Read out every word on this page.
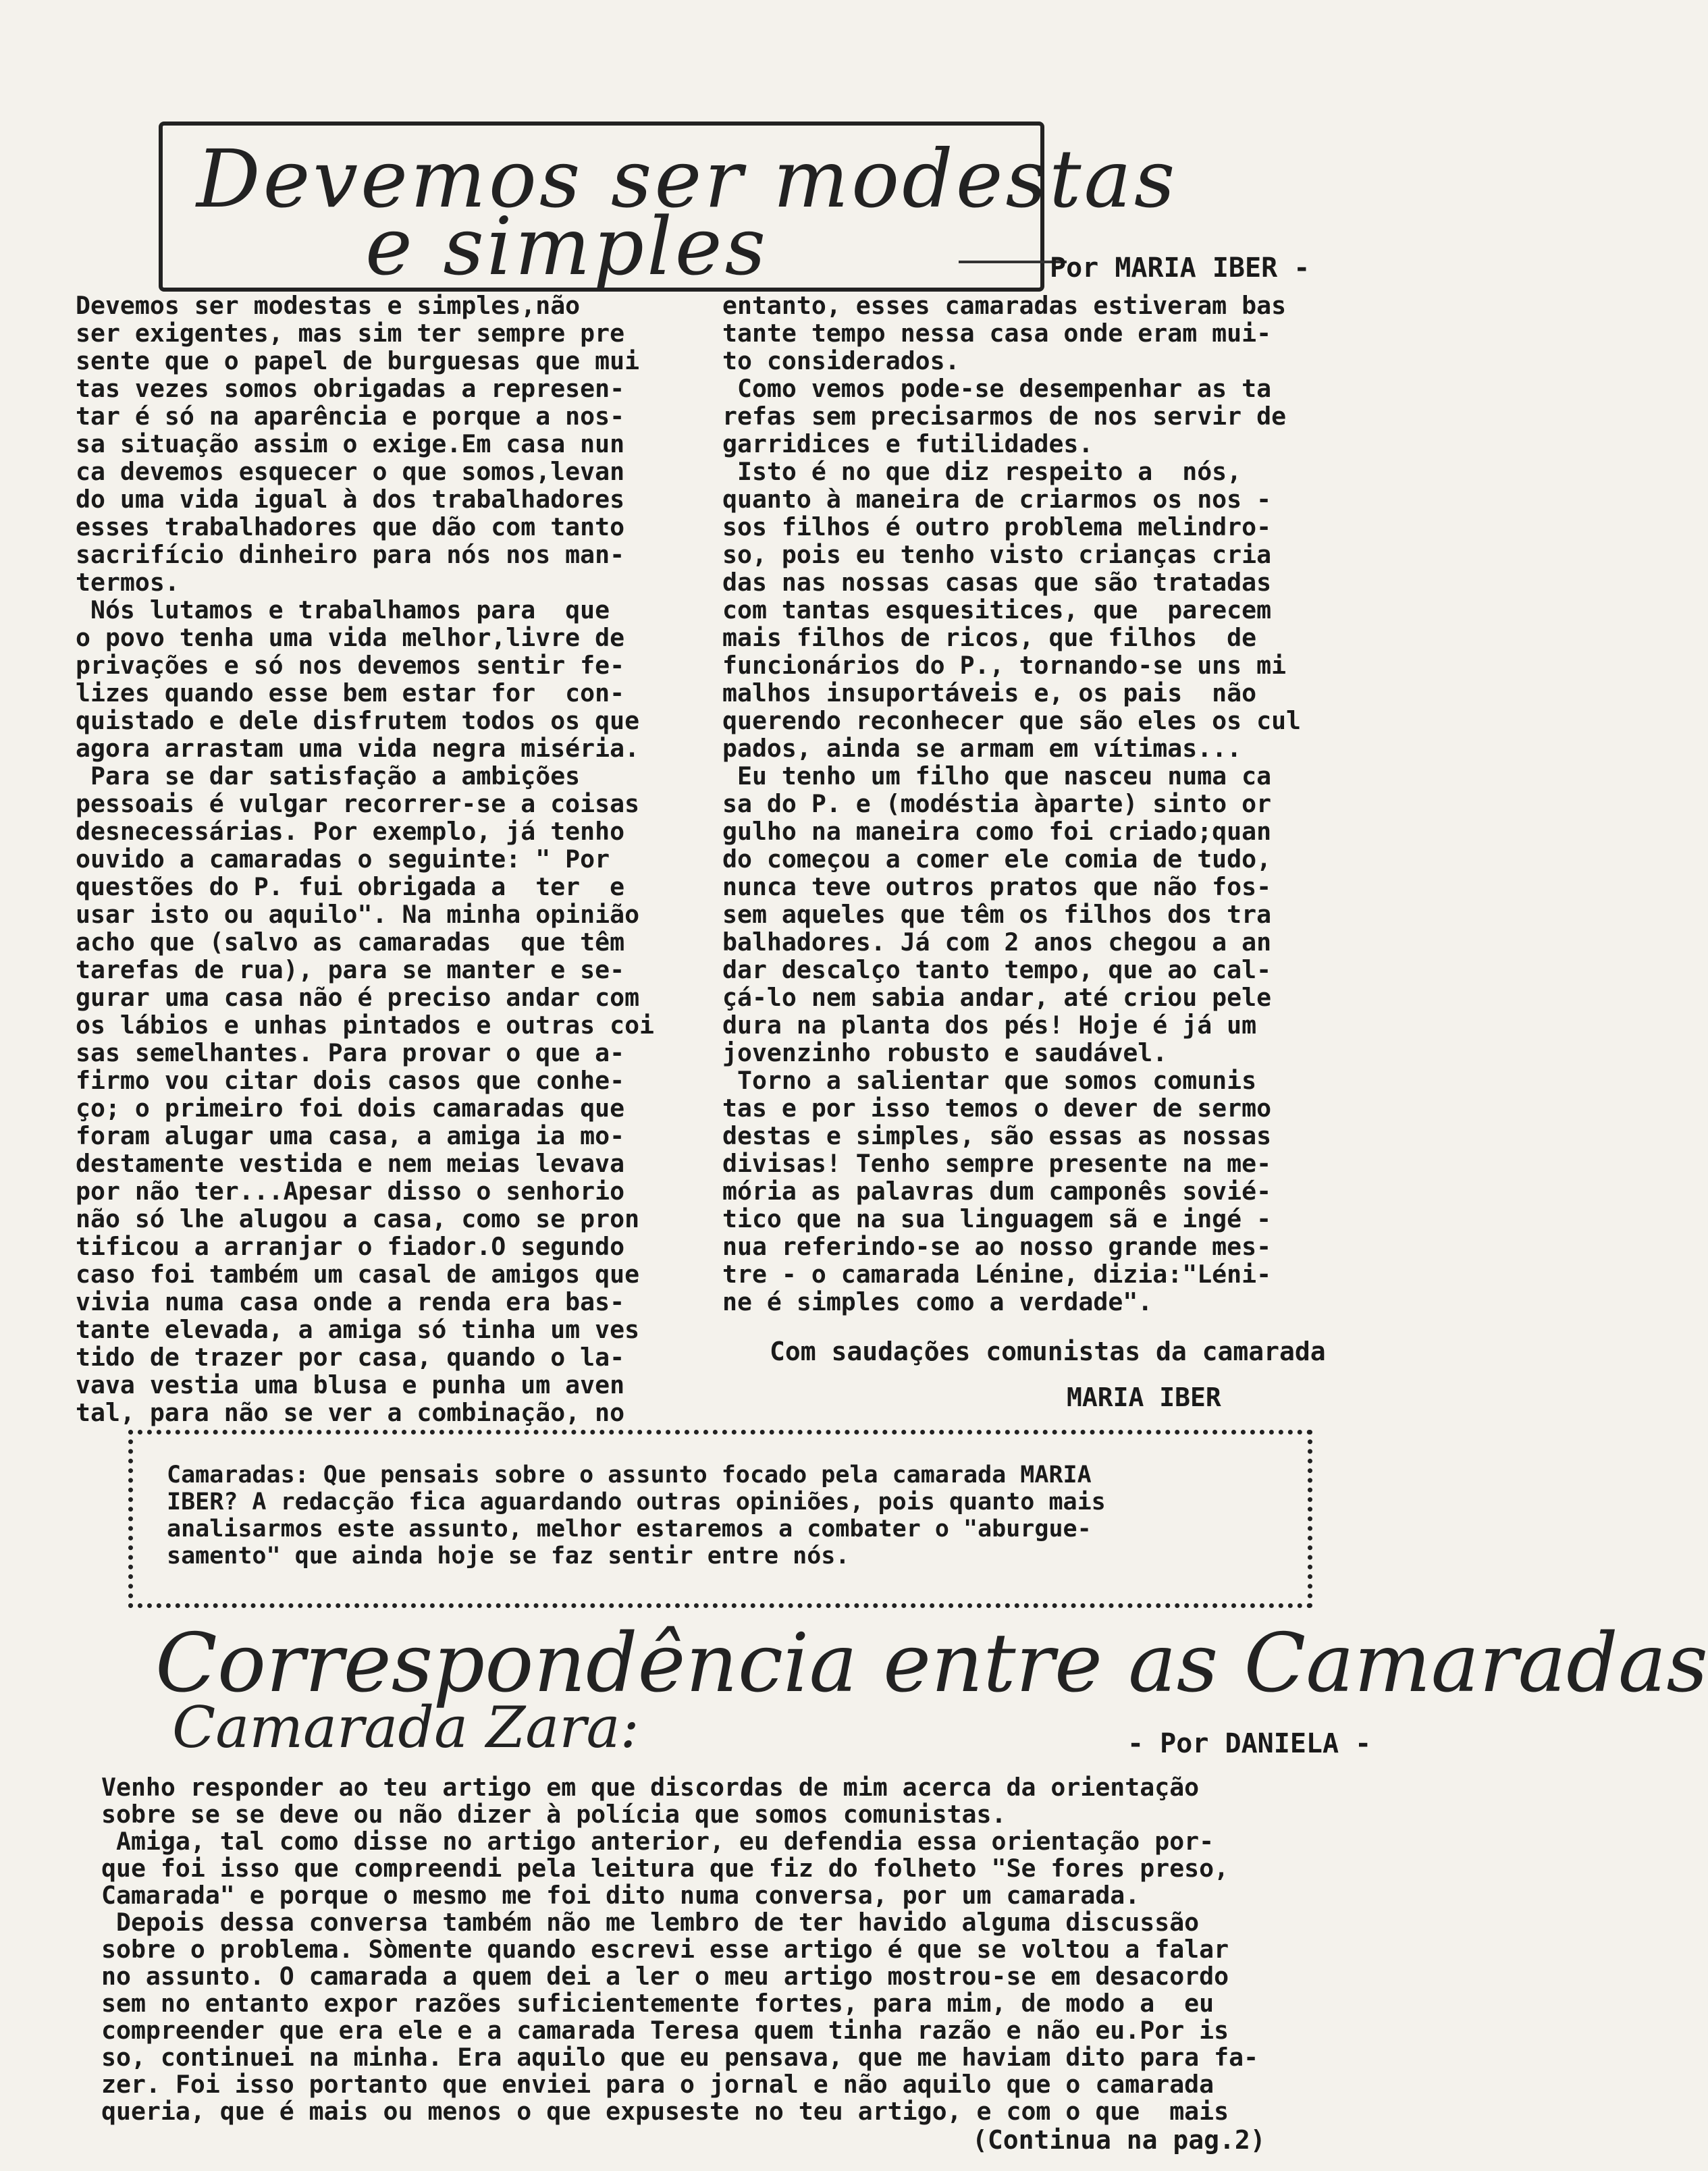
Devemos ser modestas
e simples	Por MARIA IBER -
Devemos ser modestas e simples,não
ser exigentes, mas sim ter sempre pre
sente que o papel de burguesas que mui
tas vezes somos obrigadas a represen-
tar é só na aparência e porque a nos-
sa situação assim o exige.Em casa nun
ca devemos esquecer o que somos,levan
do uma vida igual à dos trabalhadores
esses trabalhadores que dão com tanto
sacrifício dinheiro para nós nos man-
termos.
Nós lutamos e trabalhamos para  que
o povo tenha uma vida melhor,livre de
privações e só nos devemos sentir fe-
lizes quando esse bem estar for  con-
quistado e dele disfrutem todos os que
agora arrastam uma vida negra miséria.
Para se dar satisfação a ambições
pessoais é vulgar recorrer-se a coisas
desnecessárias. Por exemplo, já tenho
ouvido a camaradas o seguinte: " Por
questões do P. fui obrigada a  ter  e
usar isto ou aquilo". Na minha opinião
acho que (salvo as camaradas  que têm
tarefas de rua), para se manter e se-
gurar uma casa não é preciso andar com
os lábios e unhas pintados e outras coi
sas semelhantes. Para provar o que a-
firmo vou citar dois casos que conhe-
ço; o primeiro foi dois camaradas que
foram alugar uma casa, a amiga ia mo-
destamente vestida e nem meias levava
por não ter...Apesar disso o senhorio
não só lhe alugou a casa, como se pron
tificou a arranjar o fiador.O segundo
caso foi também um casal de amigos que
vivia numa casa onde a renda era bas-
tante elevada, a amiga só tinha um ves
tido de trazer por casa, quando o la-
vava vestia uma blusa e punha um aven
tal, para não se ver a combinação, no
entanto, esses camaradas estiveram bas
tante tempo nessa casa onde eram mui-
to considerados.
Como vemos pode-se desempenhar as ta
refas sem precisarmos de nos servir de
garridices e futilidades.
Isto é no que diz respeito a  nós,
quanto à maneira de criarmos os nos -
sos filhos é outro problema melindro-
so, pois eu tenho visto crianças cria
das nas nossas casas que são tratadas
com tantas esquesitices, que  parecem
mais filhos de ricos, que filhos  de
funcionários do P., tornando-se uns mi
malhos insuportáveis e, os pais  não
querendo reconhecer que são eles os cul
pados, ainda se armam em vítimas...
Eu tenho um filho que nasceu numa ca
sa do P. e (modéstia àparte) sinto or
gulho na maneira como foi criado;quan
do começou a comer ele comia de tudo,
nunca teve outros pratos que não fos-
sem aqueles que têm os filhos dos tra
balhadores. Já com 2 anos chegou a an
dar descalço tanto tempo, que ao cal-
çá-lo nem sabia andar, até criou pele
dura na planta dos pés! Hoje é já um
jovenzinho robusto e saudável.
Torno a salientar que somos comunis
tas e por isso temos o dever de sermo
destas e simples, são essas as nossas
divisas! Tenho sempre presente na me-
mória as palavras dum camponês sovié-
tico que na sua linguagem sã e ingé -
nua referindo-se ao nosso grande mes-
tre - o camarada Lénine, dizia:"Léni-
ne é simples como a verdade".
Com saudações comunistas da camarada
MARIA IBER
Camaradas: Que pensais sobre o assunto focado pela camarada MARIA
IBER? A redacção fica aguardando outras opiniões, pois quanto mais
analisarmos este assunto, melhor estaremos a combater o "aburgue-
samento" que ainda hoje se faz sentir entre nós.
Correspondência entre as Camaradas
Camarada Zara:	- Por DANIELA -
Venho responder ao teu artigo em que discordas de mim acerca da orientação
sobre se se deve ou não dizer à polícia que somos comunistas.
Amiga, tal como disse no artigo anterior, eu defendia essa orientação por-
que foi isso que compreendi pela leitura que fiz do folheto "Se fores preso,
Camarada" e porque o mesmo me foi dito numa conversa, por um camarada.
Depois dessa conversa também não me lembro de ter havido alguma discussão
sobre o problema. Sòmente quando escrevi esse artigo é que se voltou a falar
no assunto. O camarada a quem dei a ler o meu artigo mostrou-se em desacordo
sem no entanto expor razões suficientemente fortes, para mim, de modo a  eu
compreender que era ele e a camarada Teresa quem tinha razão e não eu.Por is
so, continuei na minha. Era aquilo que eu pensava, que me haviam dito para fa-
zer. Foi isso portanto que enviei para o jornal e não aquilo que o camarada
queria, que é mais ou menos o que expuseste no teu artigo, e com o que  mais
(Continua na pag.2)
